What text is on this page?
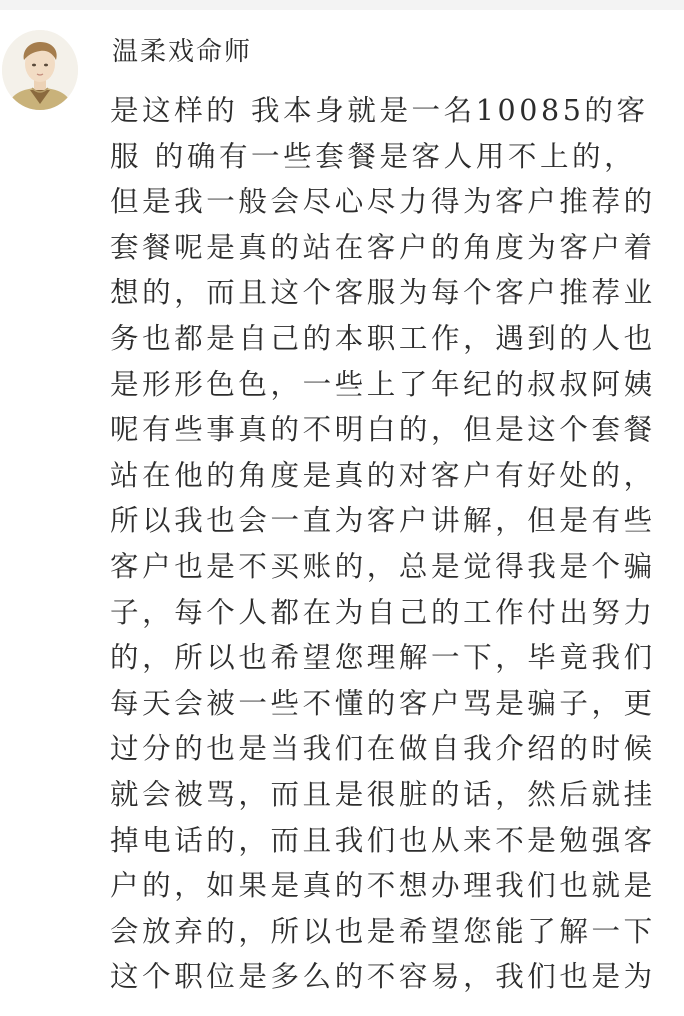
温柔戏命师
是这样的 我本身就是一名10085的客
服 的确有一些套餐是客人用不上的，
但是我一般会尽心尽力得为客户推荐的
套餐呢是真的站在客户的角度为客户着
想的，而且这个客服为每个客户推荐业
务也都是自己的本职工作，遇到的人也
是形形色色，一些上了年纪的叔叔阿姨
呢有些事真的不明白的，但是这个套餐
站在他的角度是真的对客户有好处的，
所以我也会一直为客户讲解，但是有些
客户也是不买账的，总是觉得我是个骗
子，每个人都在为自己的工作付出努力
的，所以也希望您理解一下，毕竟我们
每天会被一些不懂的客户骂是骗子，更
过分的也是当我们在做自我介绍的时候
就会被骂，而且是很脏的话，然后就挂
掉电话的，而且我们也从来不是勉强客
户的，如果是真的不想办理我们也就是
会放弃的，所以也是希望您能了解一下
这个职位是多么的不容易，我们也是为
